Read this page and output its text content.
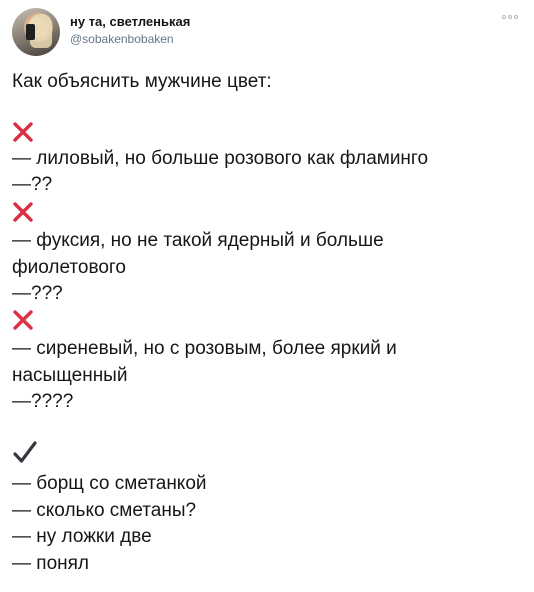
ну та, светленькая
@sobakenbobaken
Как объяснить мужчине цвет:
— лиловый, но больше розового как фламинго
—??
— фуксия, но не такой ядерный и больше
фиолетового
—???
— сиреневый, но с розовым, более яркий и
насыщенный
—????
— борщ со сметанкой
— сколько сметаны?
— ну ложки две
— понял
